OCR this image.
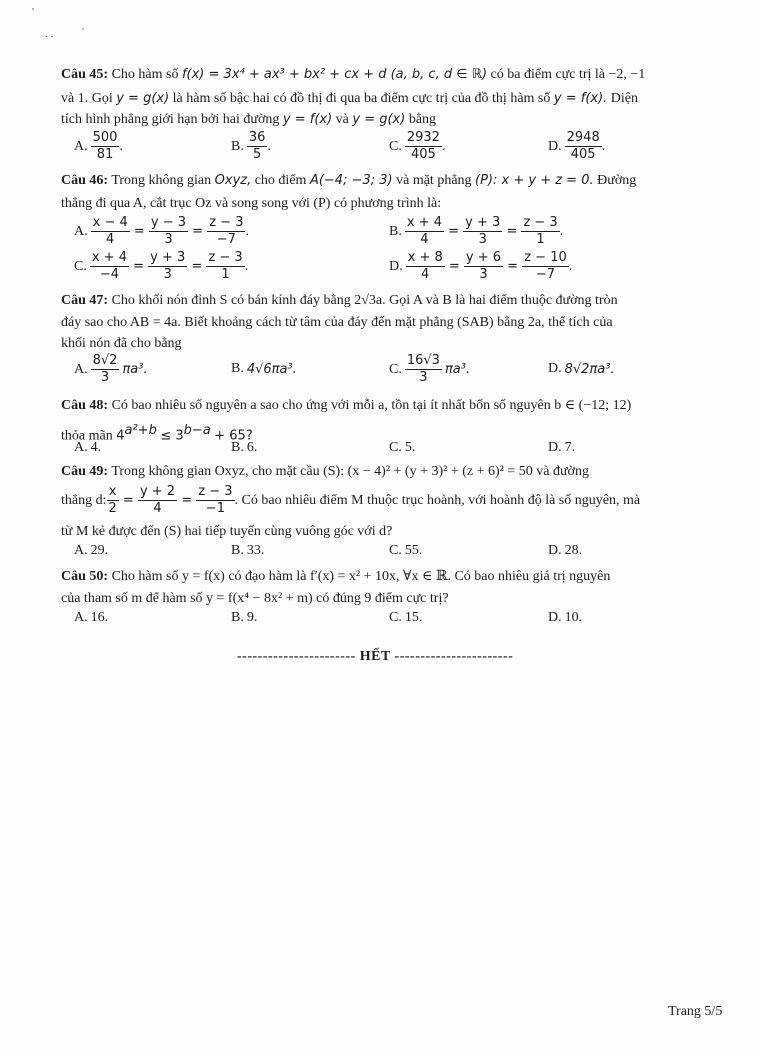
'
. .	'
Câu 45: Cho hàm số f(x) = 3x⁴ + ax³ + bx² + cx + d (a, b, c, d ∈ ℝ) có ba điểm cực trị là −2, −1
và 1. Gọi y = g(x) là hàm số bậc hai có đồ thị đi qua ba điểm cực trị của đồ thị hàm số y = f(x). Diện
tích hình phẳng giới hạn bởi hai đường y = f(x) và y = g(x) bằng
A. $\frac{500}{81}$ .	B. $\frac{36}{5}$ .	C. $\frac{2932}{405}$ .	D. $\frac{2948}{405}$ .
Câu 46: Trong không gian Oxyz, cho điểm A(−4; −3; 3) và mặt phẳng (P): x + y + z = 0. Đường
thẳng đi qua A, cắt trục Oz và song song với (P) có phương trình là:
A. $\frac{x - 4}{4} = \frac{y - 3}{3} = \frac{z - 3}{-7}$ .	B. $\frac{x + 4}{4} = \frac{y + 3}{3} = \frac{z - 3}{1}$ .
C. $\frac{x + 4}{-4} = \frac{y + 3}{3} = \frac{z - 3}{1}$ .	D. $\frac{x + 8}{4} = \frac{y + 6}{3} = \frac{z - 10}{-7}$ .
Câu 47: Cho khối nón đỉnh S có bán kính đáy bằng 2√3a. Gọi A và B là hai điểm thuộc đường tròn
đáy sao cho AB = 4a. Biết khoảng cách từ tâm của đáy đến mặt phẳng (SAB) bằng 2a, thể tích của
khối nón đã cho bằng
A. $\frac{8√2}{3} \pi a^3$.	B. 4√6πa³.	C. $\frac{16√3}{3} \pi a^3$.	D. 8√2πa³.
Câu 48: Có bao nhiêu số nguyên a sao cho ứng với mỗi a, tồn tại ít nhất bốn số nguyên b ∈ (−12; 12)
thỏa mãn $4^{a^2+b} \le 3^{b-a} + 65$?
A. 4.	B. 6.	C. 5.	D. 7.
Câu 49: Trong không gian Oxyz, cho mặt cầu (S): (x − 4)² + (y + 3)² + (z + 6)² = 50 và đường
thẳng d: $\frac{x}{2} = \frac{y + 2}{4} = \frac{z - 3}{-1}$ . Có bao nhiêu điểm M thuộc trục hoành, với hoành độ là số nguyên, mà
từ M kẻ được đến (S) hai tiếp tuyến cùng vuông góc với d?
A. 29.	B. 33.	C. 55.	D. 28.
Câu 50: Cho hàm số y = f(x) có đạo hàm là f′(x) = x² + 10x, ∀x ∈ ℝ. Có bao nhiêu giá trị nguyên
của tham số m để hàm số y = f(x⁴ − 8x² + m) có đúng 9 điểm cực trị?
A. 16.	B. 9.	C. 15.	D. 10.
----------------------- HẾT -----------------------
Trang 5/5
